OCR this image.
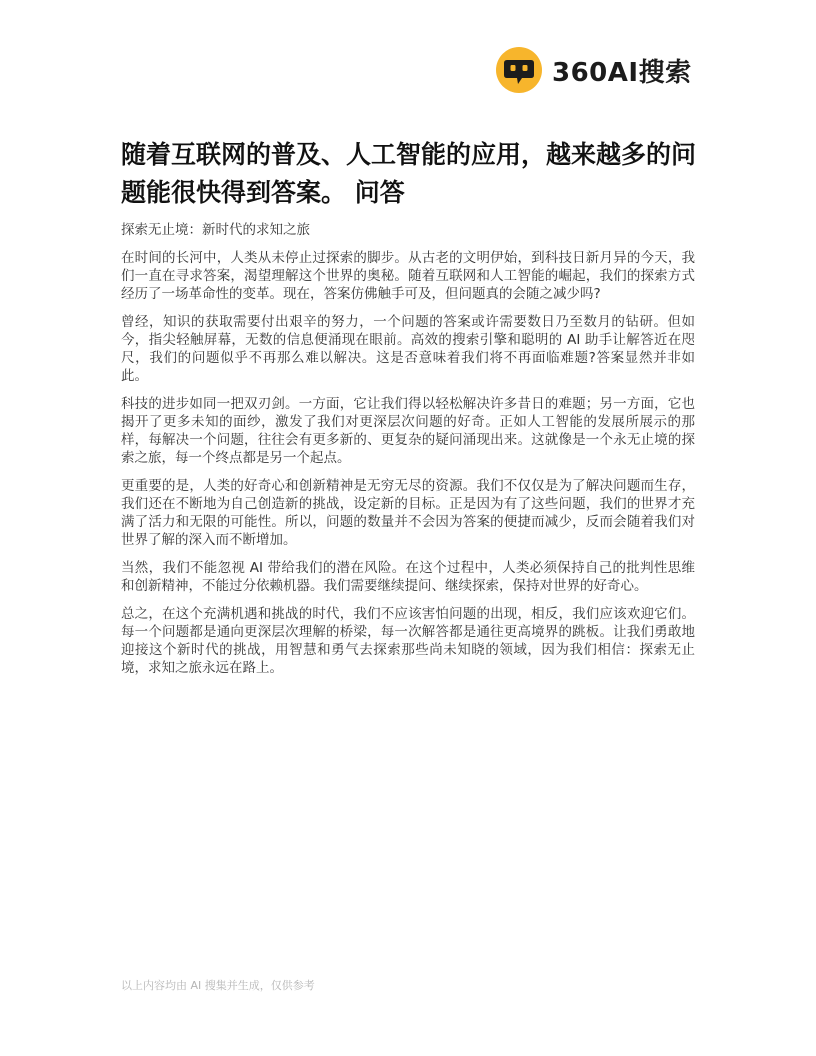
360AI搜索
随着互联网的普及、人工智能的应用，越来越多的问题能很快得到答案。 问答

探索无止境：新时代的求知之旅

在时间的长河中，人类从未停止过探索的脚步。从古老的文明伊始，到科技日新月异的今天，我们一直在寻求答案，渴望理解这个世界的奥秘。随着互联网和人工智能的崛起，我们的探索方式经历了一场革命性的变革。现在，答案仿佛触手可及，但问题真的会随之减少吗?

曾经，知识的获取需要付出艰辛的努力，一个问题的答案或许需要数日乃至数月的钻研。但如今，指尖轻触屏幕，无数的信息便涌现在眼前。高效的搜索引擎和聪明的 AI 助手让解答近在咫尺，我们的问题似乎不再那么难以解决。这是否意味着我们将不再面临难题?答案显然并非如此。

科技的进步如同一把双刃剑。一方面，它让我们得以轻松解决许多昔日的难题；另一方面，它也揭开了更多未知的面纱，激发了我们对更深层次问题的好奇。正如人工智能的发展所展示的那样，每解决一个问题，往往会有更多新的、更复杂的疑问涌现出来。这就像是一个永无止境的探索之旅，每一个终点都是另一个起点。

更重要的是，人类的好奇心和创新精神是无穷无尽的资源。我们不仅仅是为了解决问题而生存，我们还在不断地为自己创造新的挑战，设定新的目标。正是因为有了这些问题，我们的世界才充满了活力和无限的可能性。所以，问题的数量并不会因为答案的便捷而减少，反而会随着我们对世界了解的深入而不断增加。

当然，我们不能忽视 AI 带给我们的潜在风险。在这个过程中，人类必须保持自己的批判性思维和创新精神，不能过分依赖机器。我们需要继续提问、继续探索，保持对世界的好奇心。

总之，在这个充满机遇和挑战的时代，我们不应该害怕问题的出现，相反，我们应该欢迎它们。每一个问题都是通向更深层次理解的桥梁，每一次解答都是通往更高境界的跳板。让我们勇敢地迎接这个新时代的挑战，用智慧和勇气去探索那些尚未知晓的领域，因为我们相信：探索无止境，求知之旅永远在路上。

以上内容均由 AI 搜集并生成，仅供参考
